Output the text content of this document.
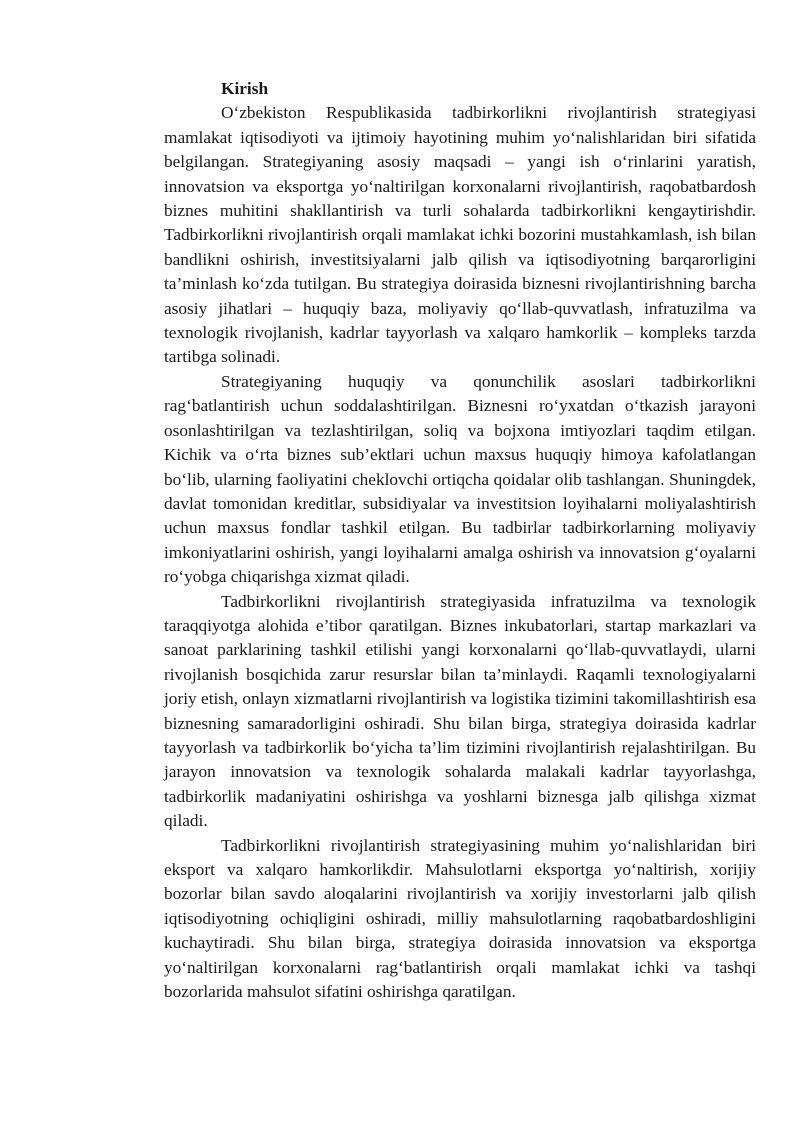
Kirish

O‘zbekiston Respublikasida tadbirkorlikni rivojlantirish strategiyasi mamlakat iqtisodiyoti va ijtimoiy hayotining muhim yo‘nalishlaridan biri sifatida belgilangan. Strategiyaning asosiy maqsadi – yangi ish o‘rinlarini yaratish, innovatsion va eksportga yo‘naltirilgan korxonalarni rivojlantirish, raqobatbardosh biznes muhitini shakllantirish va turli sohalarda tadbirkorlikni kengaytirishdir. Tadbirkorlikni rivojlantirish orqali mamlakat ichki bozorini mustahkamlash, ish bilan bandlikni oshirish, investitsiyalarni jalb qilish va iqtisodiyotning barqarorligini ta’minlash ko‘zda tutilgan. Bu strategiya doirasida biznesni rivojlantirishning barcha asosiy jihatlari – huquqiy baza, moliyaviy qo‘llab-quvvatlash, infratuzilma va texnologik rivojlanish, kadrlar tayyorlash va xalqaro hamkorlik – kompleks tarzda tartibga solinadi.

Strategiyaning huquqiy va qonunchilik asoslari tadbirkorlikni rag‘batlantirish uchun soddalashtirilgan. Biznesni ro‘yxatdan o‘tkazish jarayoni osonlashtirilgan va tezlashtirilgan, soliq va bojxona imtiyozlari taqdim etilgan. Kichik va o‘rta biznes sub’ektlari uchun maxsus huquqiy himoya kafolatlangan bo‘lib, ularning faoliyatini cheklovchi ortiqcha qoidalar olib tashlangan. Shuningdek, davlat tomonidan kreditlar, subsidiyalar va investitsion loyihalarni moliyalashtirish uchun maxsus fondlar tashkil etilgan. Bu tadbirlar tadbirkorlarning moliyaviy imkoniyatlarini oshirish, yangi loyihalarni amalga oshirish va innovatsion g‘oyalarni ro‘yobga chiqarishga xizmat qiladi.

Tadbirkorlikni rivojlantirish strategiyasida infratuzilma va texnologik taraqqiyotga alohida e’tibor qaratilgan. Biznes inkubatorlari, startap markazlari va sanoat parklarining tashkil etilishi yangi korxonalarni qo‘llab-quvvatlaydi, ularni rivojlanish bosqichida zarur resurslar bilan ta’minlaydi. Raqamli texnologiyalarni joriy etish, onlayn xizmatlarni rivojlantirish va logistika tizimini takomillashtirish esa biznesning samaradorligini oshiradi. Shu bilan birga, strategiya doirasida kadrlar tayyorlash va tadbirkorlik bo‘yicha ta’lim tizimini rivojlantirish rejalashtirilgan. Bu jarayon innovatsion va texnologik sohalarda malakali kadrlar tayyorlashga, tadbirkorlik madaniyatini oshirishga va yoshlarni biznesga jalb qilishga xizmat qiladi.

Tadbirkorlikni rivojlantirish strategiyasining muhim yo‘nalishlaridan biri eksport va xalqaro hamkorlikdir. Mahsulotlarni eksportga yo‘naltirish, xorijiy bozorlar bilan savdo aloqalarini rivojlantirish va xorijiy investorlarni jalb qilish iqtisodiyotning ochiqligini oshiradi, milliy mahsulotlarning raqobatbardoshligini kuchaytiradi. Shu bilan birga, strategiya doirasida innovatsion va eksportga yo‘naltirilgan korxonalarni rag‘batlantirish orqali mamlakat ichki va tashqi bozorlarida mahsulot sifatini oshirishga qaratilgan.
